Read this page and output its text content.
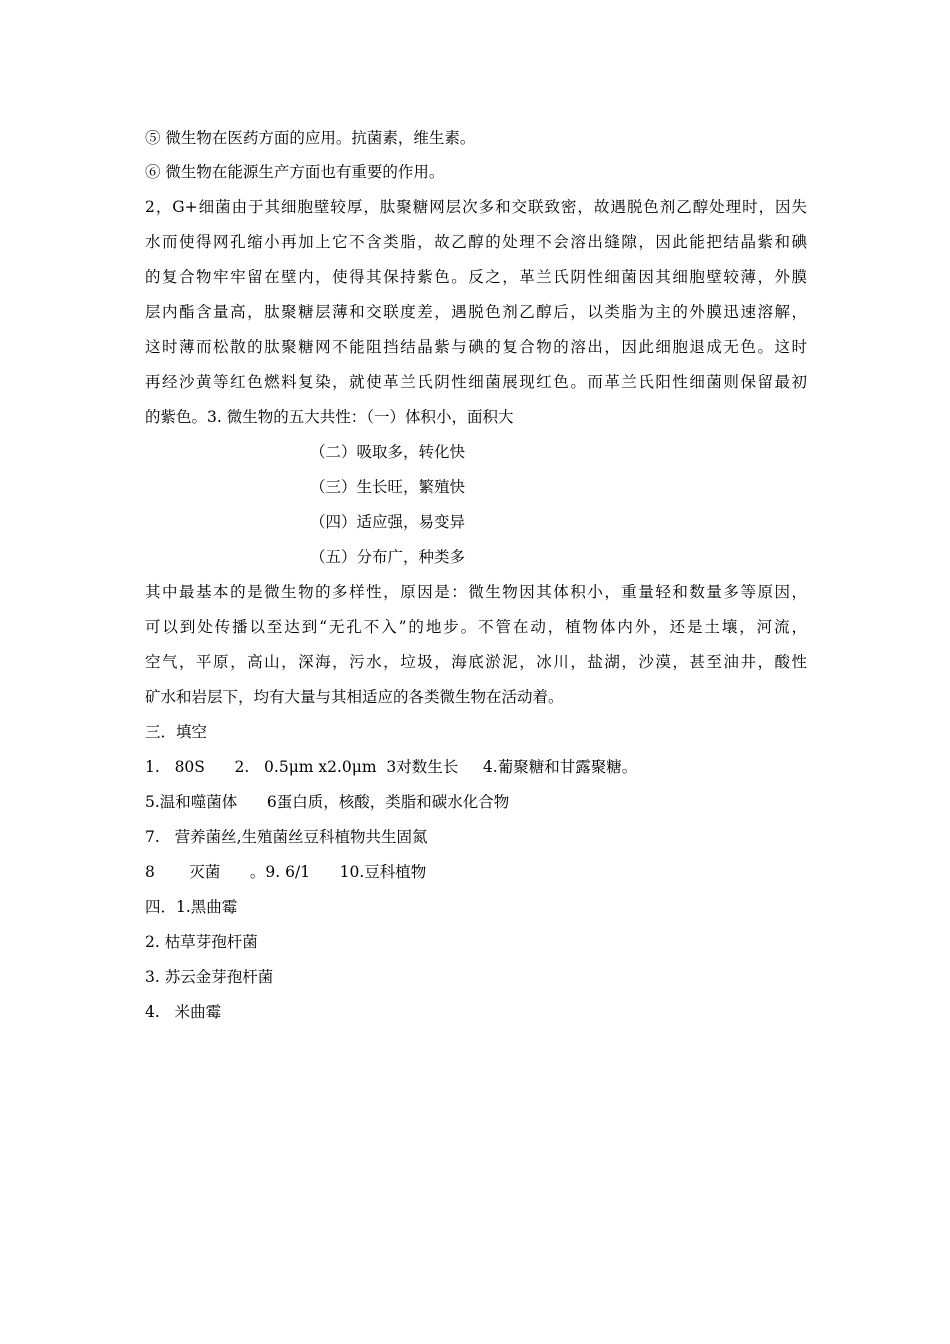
⑤ 微生物在医药方面的应用。抗菌素，维生素。
⑥ 微生物在能源生产方面也有重要的作用。
2，G+细菌由于其细胞壁较厚，肽聚糖网层次多和交联致密，故遇脱色剂乙醇处理时，因失
水而使得网孔缩小再加上它不含类脂，故乙醇的处理不会溶出缝隙，因此能把结晶紫和碘
的复合物牢牢留在壁内，使得其保持紫色。反之，革兰氏阴性细菌因其细胞壁较薄，外膜
层内酯含量高，肽聚糖层薄和交联度差，遇脱色剂乙醇后，以类脂为主的外膜迅速溶解，
这时薄而松散的肽聚糖网不能阻挡结晶紫与碘的复合物的溶出，因此细胞退成无色。这时
再经沙黄等红色燃料复染，就使革兰氏阴性细菌展现红色。而革兰氏阳性细菌则保留最初
的紫色。3. 微生物的五大共性：（一）体积小，面积大
（二）吸取多，转化快
（三）生长旺，繁殖快
（四）适应强，易变异
（五）分布广，种类多
其中最基本的是微生物的多样性，原因是：微生物因其体积小，重量轻和数量多等原因，
可以到处传播以至达到“无孔不入”的地步。不管在动，植物体内外，还是土壤，河流，
空气，平原，高山，深海，污水，垃圾，海底淤泥，冰川，盐湖，沙漠，甚至油井，酸性
矿水和岩层下，均有大量与其相适应的各类微生物在活动着。
三．填空
1.   80S      2.   0.5μm x2.0μm  3对数生长     4.葡聚糖和甘露聚糖。
5.温和噬菌体      6蛋白质，核酸，类脂和碳水化合物
7.   营养菌丝,生殖菌丝豆科植物共生固氮
8       灭菌      。9. 6/1      10.豆科植物
四．1.黑曲霉
2. 枯草芽孢杆菌
3. 苏云金芽孢杆菌
4.   米曲霉
